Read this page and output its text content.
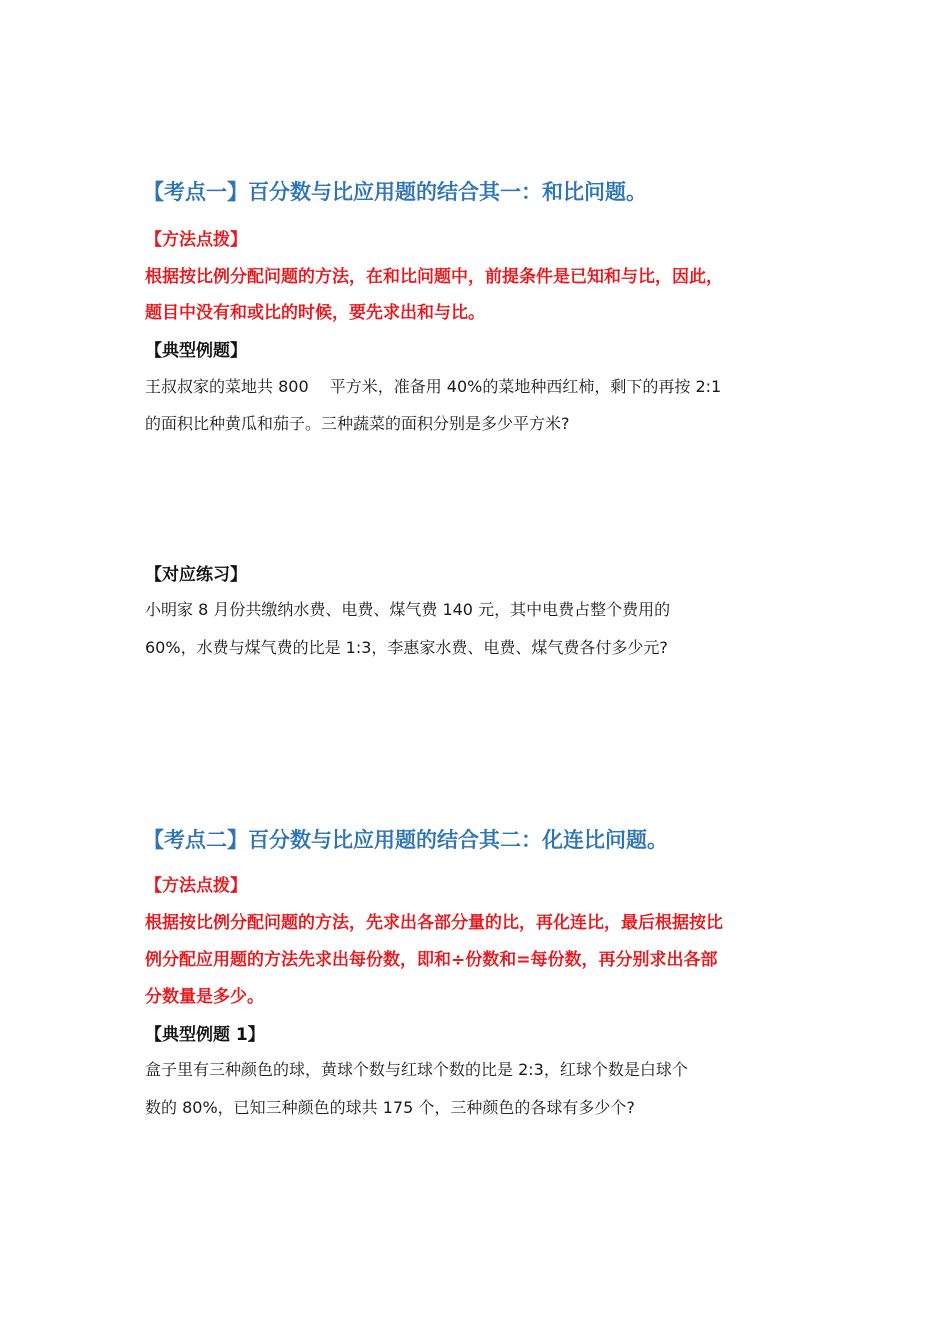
【考点一】百分数与比应用题的结合其一：和比问题。
【方法点拨】
根据按比例分配问题的方法，在和比问题中，前提条件是已知和与比，因此，
题目中没有和或比的时候，要先求出和与比。
【典型例题】
王叔叔家的菜地共 800　 平方米，准备用 40%的菜地种西红柿，剩下的再按 2:1
的面积比种黄瓜和茄子。三种蔬菜的面积分别是多少平方米?
【对应练习】
小明家 8 月份共缴纳水费、电费、煤气费 140 元，其中电费占整个费用的
60%，水费与煤气费的比是 1:3，李惠家水费、电费、煤气费各付多少元?
【考点二】百分数与比应用题的结合其二：化连比问题。
【方法点拨】
根据按比例分配问题的方法，先求出各部分量的比，再化连比，最后根据按比
例分配应用题的方法先求出每份数，即和÷份数和=每份数，再分别求出各部
分数量是多少。
【典型例题 1】
盒子里有三种颜色的球，黄球个数与红球个数的比是 2:3，红球个数是白球个
数的 80%，已知三种颜色的球共 175 个，三种颜色的各球有多少个?
